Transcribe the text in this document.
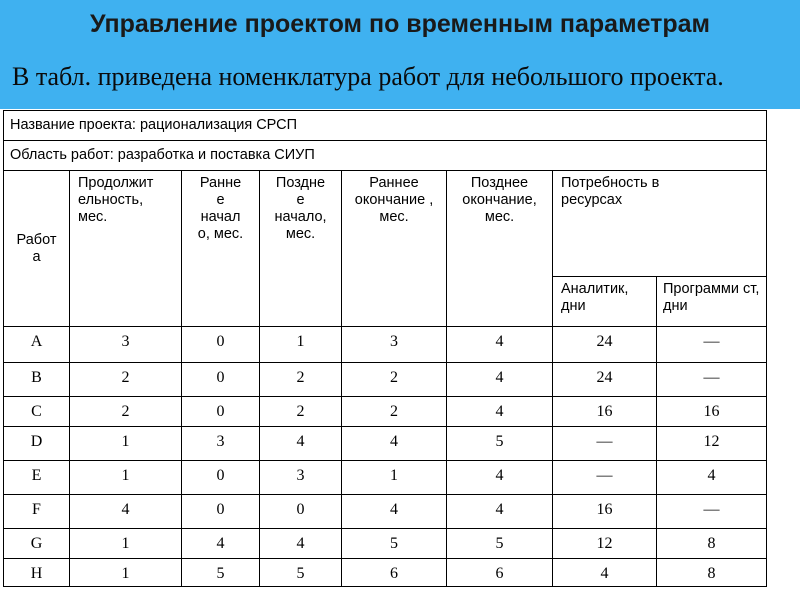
Управление проектом по временным параметрам
В табл. приведена номенклатура работ для небольшого проекта.
Название проекта: рационализация СРСП							

Область работ: разработка и поставка СИУП							

Работ а	Продолжит ельность, мес.	Ранне е начал о, мес.	Поздне е начало, мес.	Раннее окончание , мес.	Позднее окончание, мес.	Потребность в ресурсах	

						Аналитик, дни	Программи ст, дни

A	3	0	1	3	4	24	—

B	2	0	2	2	4	24	—

C	2	0	2	2	4	16	16

D	1	3	4	4	5	—	12

E	1	0	3	1	4	—	4

F	4	0	0	4	4	16	—

G	1	4	4	5	5	12	8

H	1	5	5	6	6	4	8
